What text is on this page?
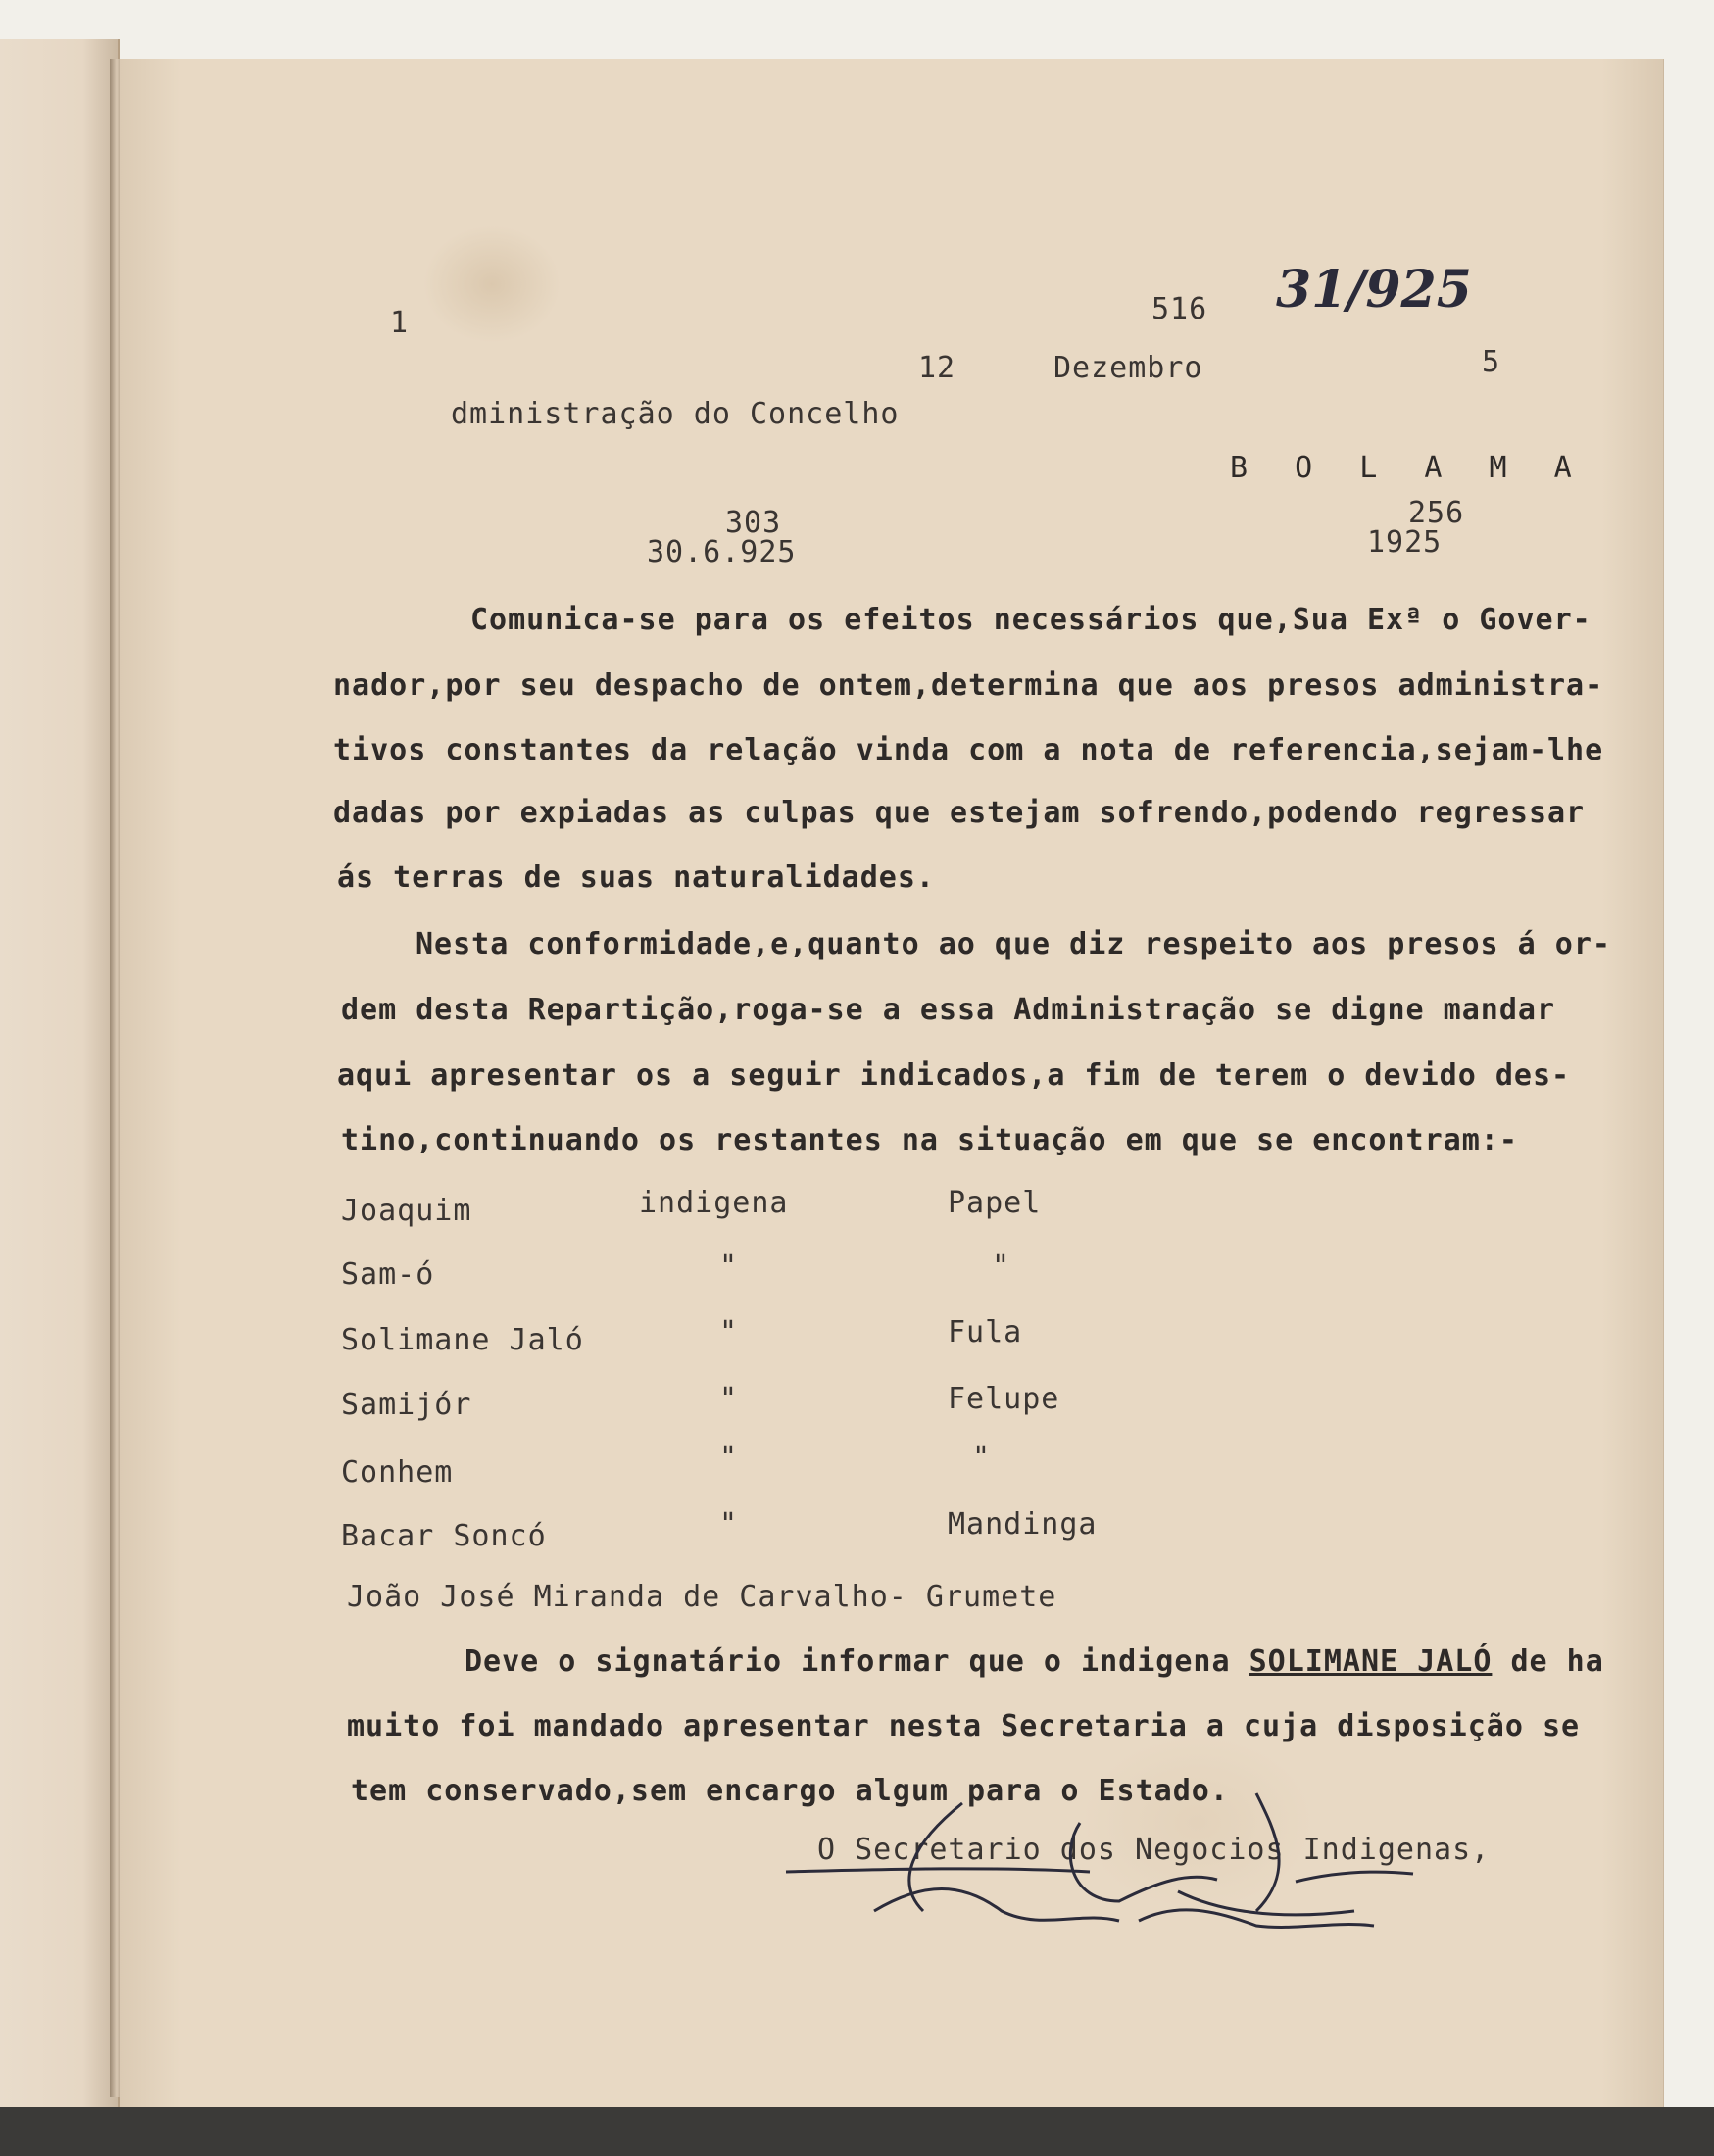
1	516 31/925
12	Dezembro	5
dministração do Concelho
B O L A M A
303
30.6.925
256
1925
Comunica-se para os efeitos necessários que,Sua Exª o Gover-
nador,por seu despacho de ontem,determina que aos presos administra-
tivos constantes da relação vinda com a nota de referencia,sejam-lhe
dadas por expiadas as culpas que estejam sofrendo,podendo regressar
ás terras de suas naturalidades.
Nesta conformidade,e,quanto ao que diz respeito aos presos á or-
dem desta Repartição,roga-se a essa Administração se digne mandar
aqui apresentar os a seguir indicados,a fim de terem o devido des-
tino,continuando os restantes na situação em que se encontram:-
Joaquim	indigena	Papel
Sam-ó	"	"
Solimane Jaló	"	Fula
Samijór	"	Felupe
Conhem	"	"
Bacar Soncó	"	Mandinga
João José Miranda de Carvalho- Grumete
Deve o signatário informar que o indigena SOLIMANE JALÓ de ha
muito foi mandado apresentar nesta Secretaria a cuja disposição se
tem conservado,sem encargo algum para o Estado.
O Secretario dos Negocios Indigenas,
